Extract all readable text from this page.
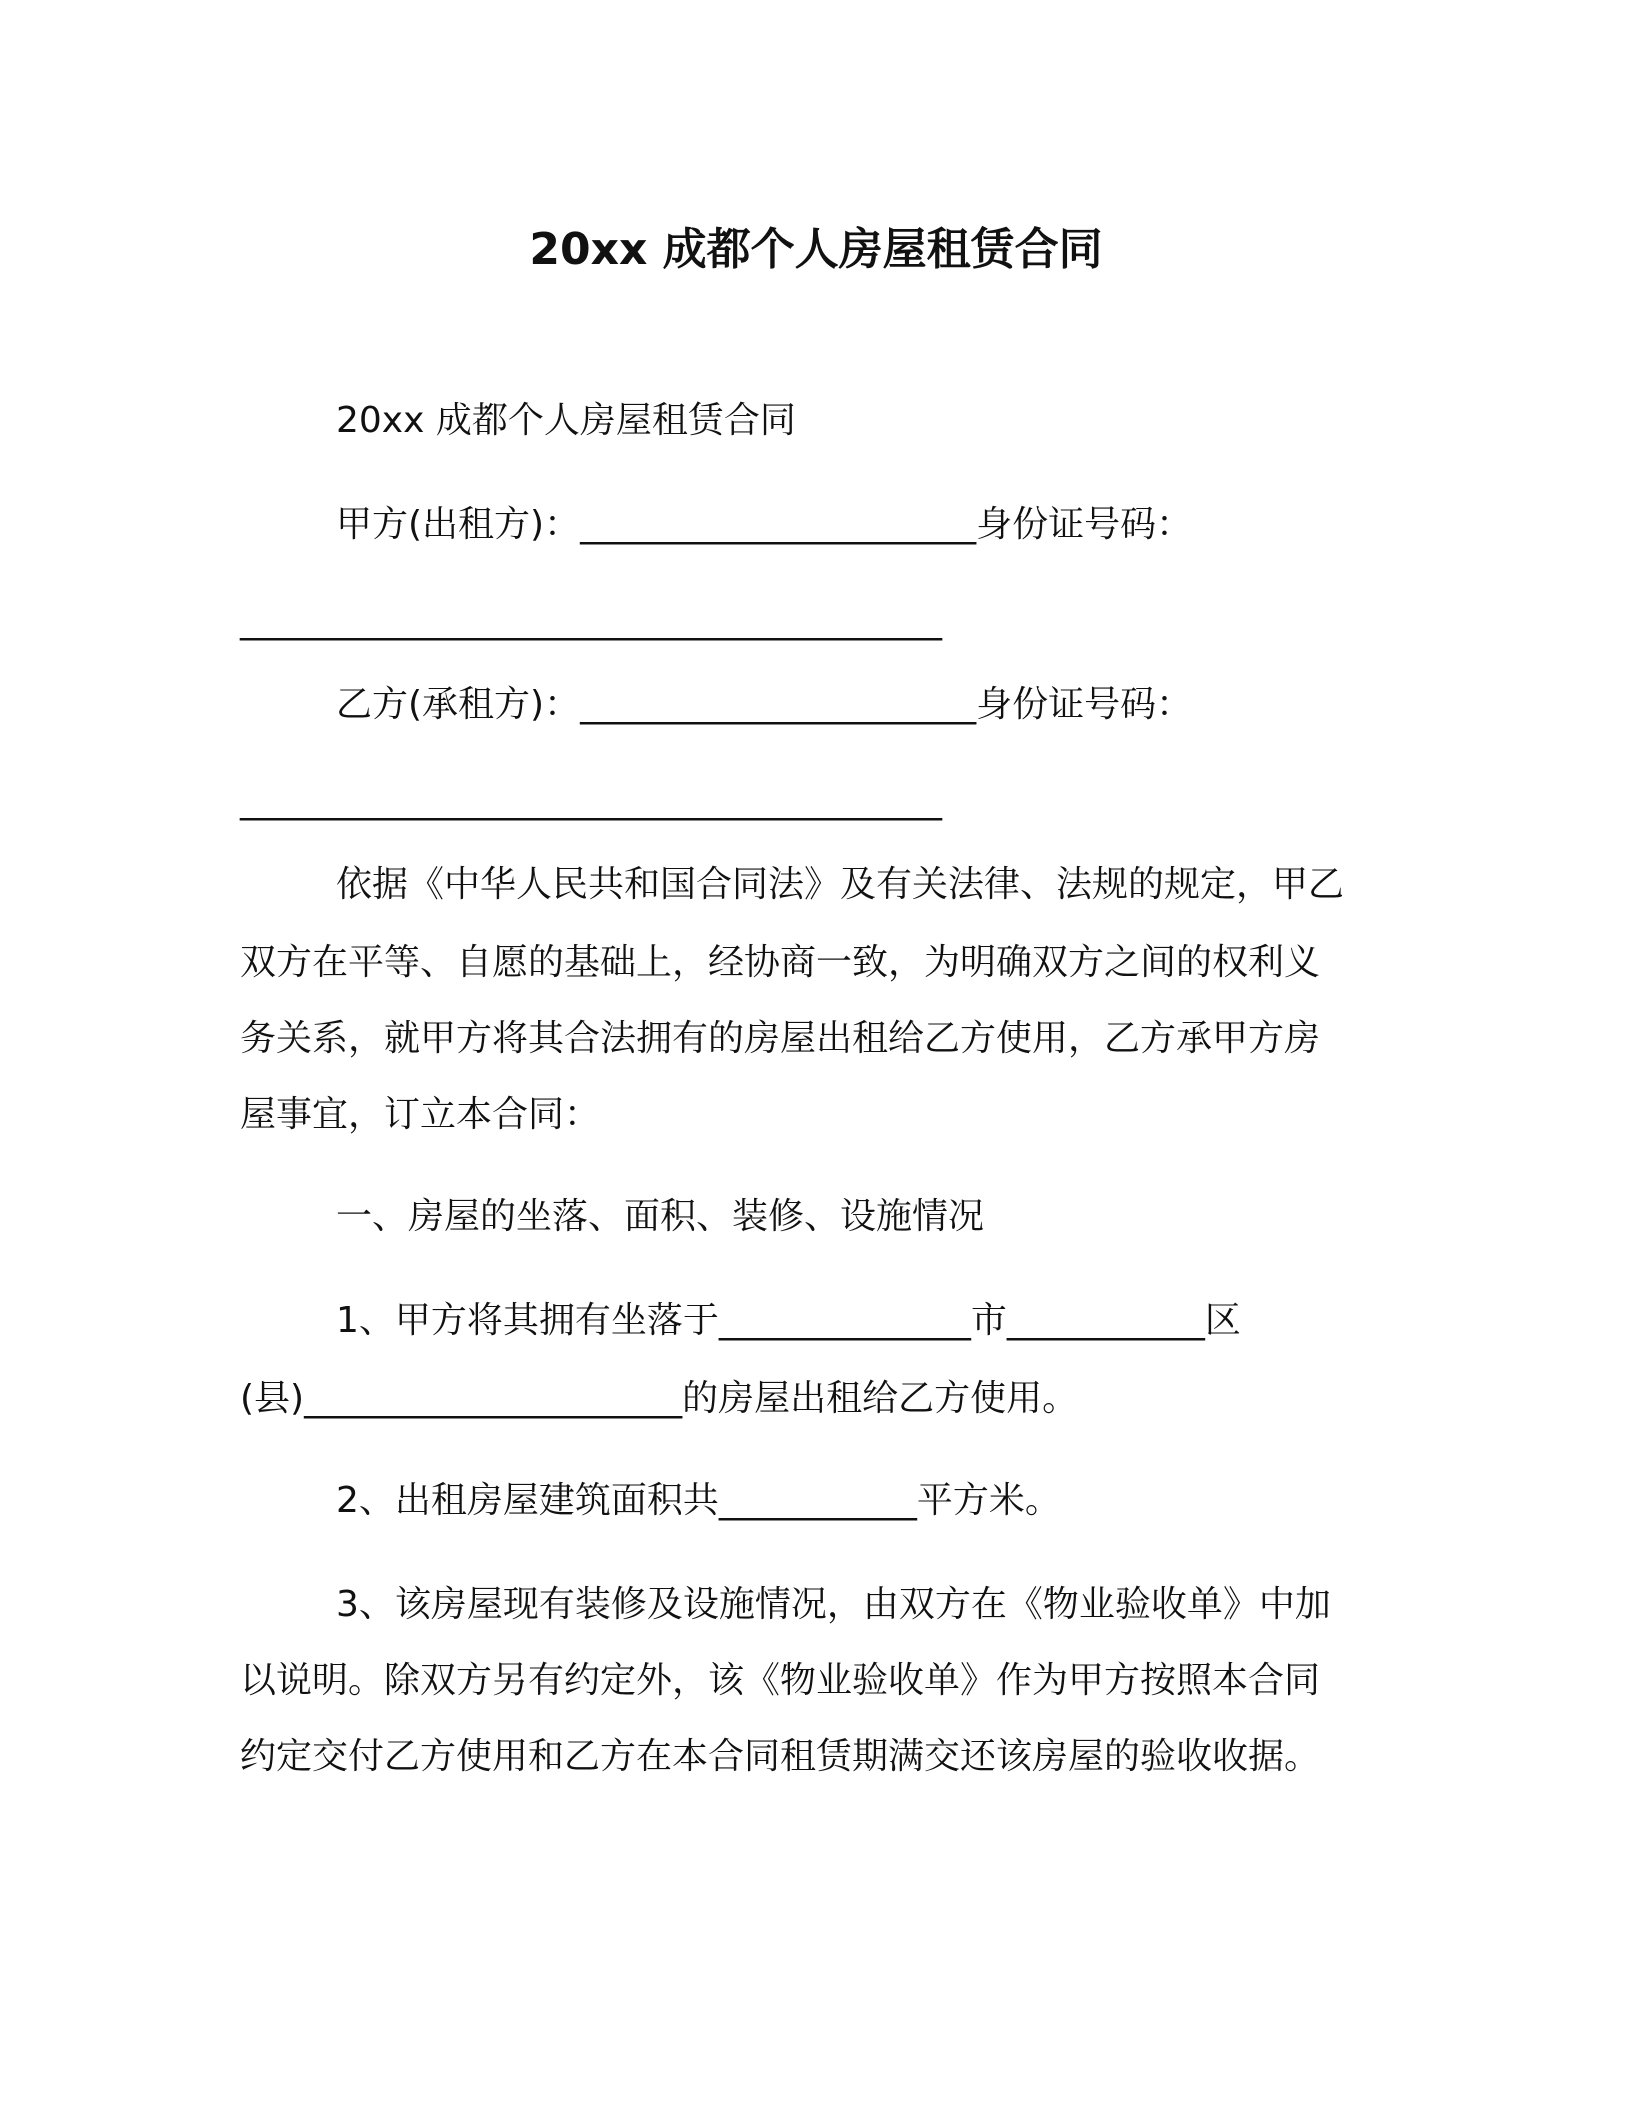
20xx 成都个人房屋租赁合同
20xx 成都个人房屋租赁合同
甲方(出租方)：______________________身份证号码：
_______________________________________
乙方(承租方)：______________________身份证号码：
_______________________________________
依据《中华人民共和国合同法》及有关法律、法规的规定，甲乙
双方在平等、自愿的基础上，经协商一致，为明确双方之间的权利义
务关系，就甲方将其合法拥有的房屋出租给乙方使用，乙方承甲方房
屋事宜，订立本合同：
一、房屋的坐落、面积、装修、设施情况
1、甲方将其拥有坐落于______________市___________区
(县)_____________________的房屋出租给乙方使用。
2、出租房屋建筑面积共___________平方米。
3、该房屋现有装修及设施情况，由双方在《物业验收单》中加
以说明。除双方另有约定外，该《物业验收单》作为甲方按照本合同
约定交付乙方使用和乙方在本合同租赁期满交还该房屋的验收收据。
